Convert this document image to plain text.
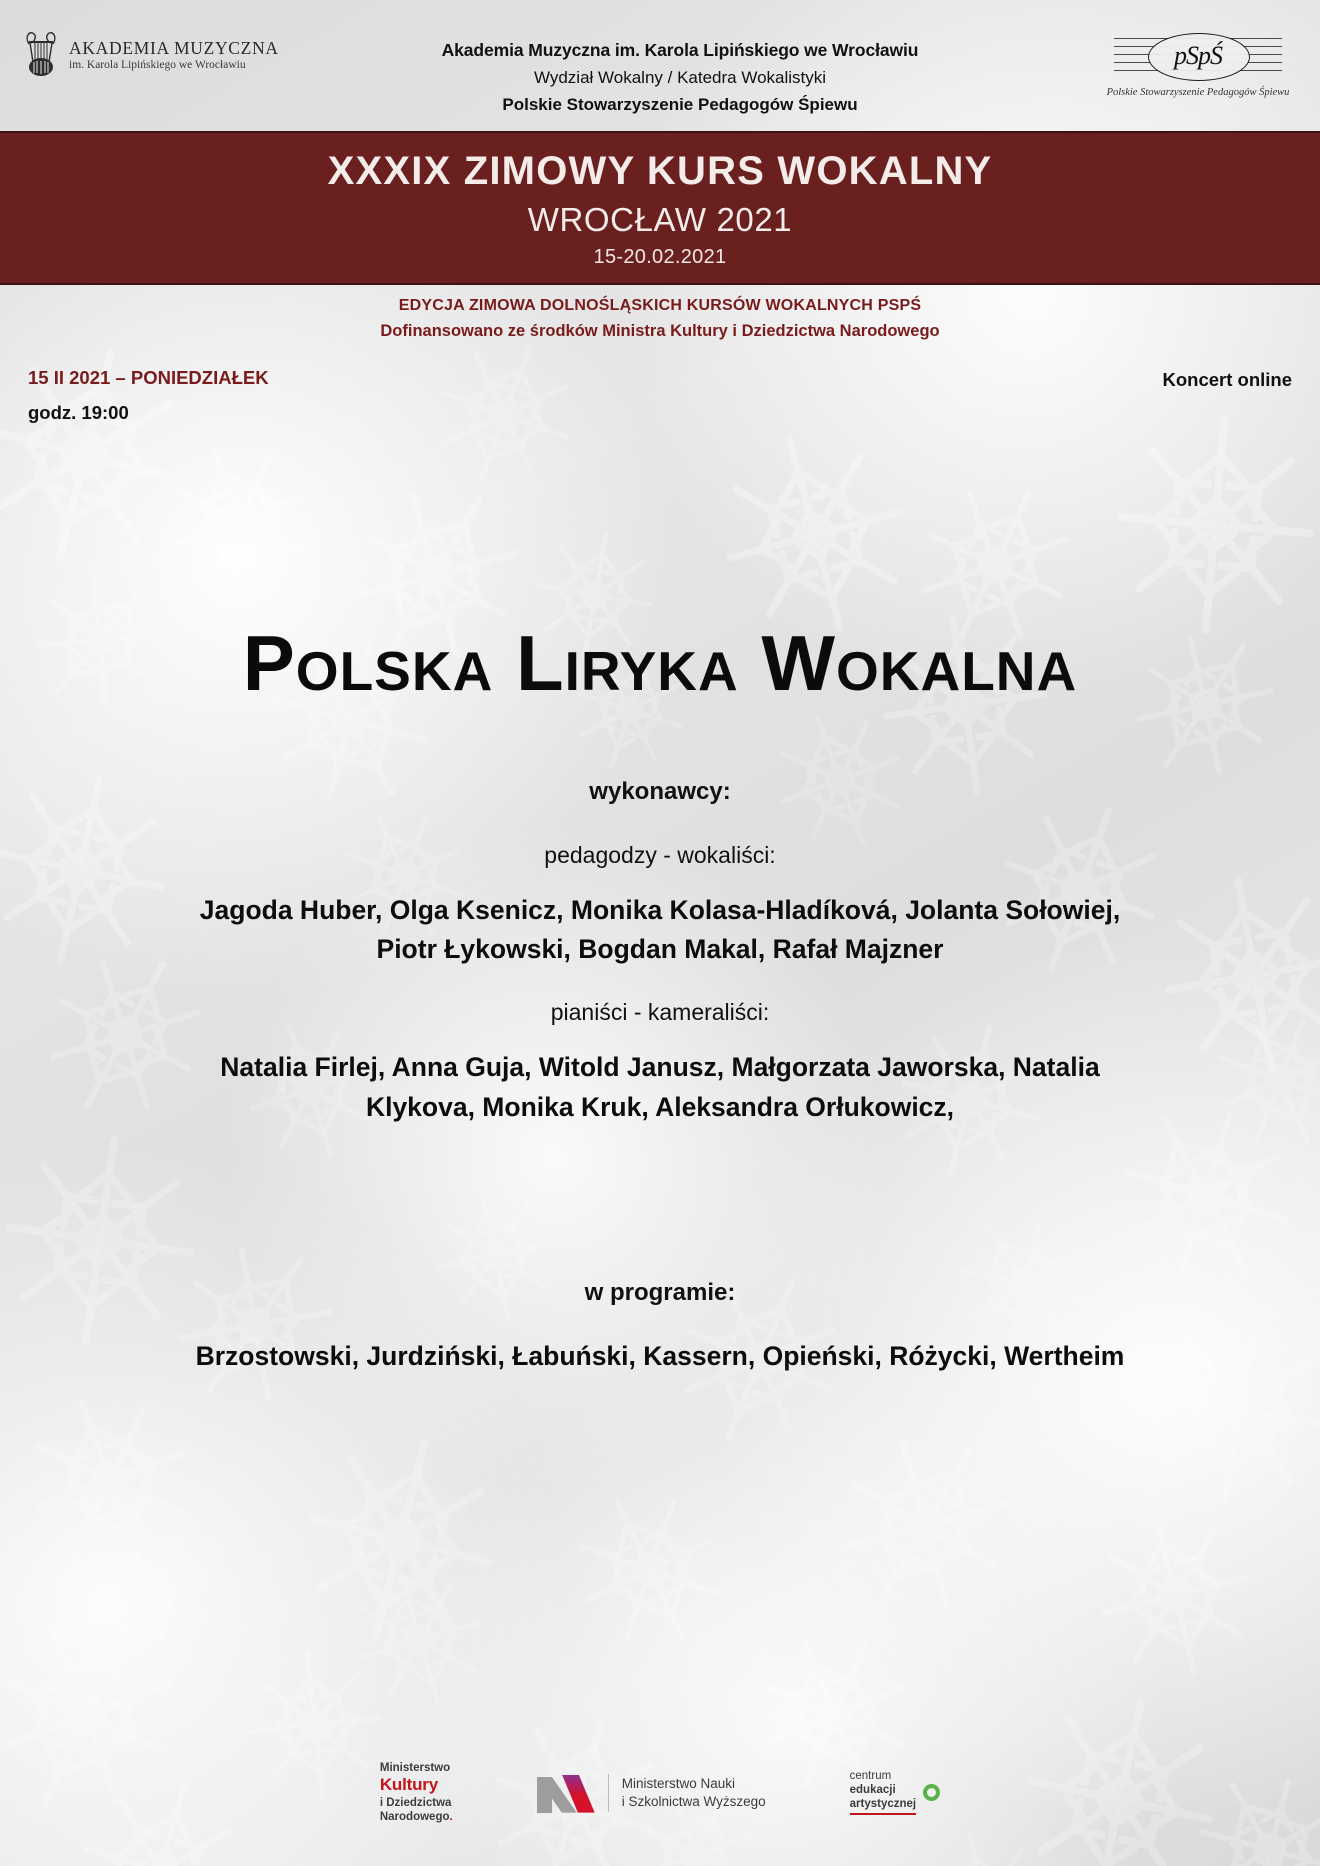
AKADEMIA MUZYCZNA
im. Karola Lipińskiego we Wrocławiu
Akademia Muzyczna im. Karola Lipińskiego we Wrocławiu
Wydział Wokalny / Katedra Wokalistyki
Polskie Stowarzyszenie Pedagogów Śpiewu
pSpŚ
Polskie Stowarzyszenie Pedagogów Śpiewu
XXXIX ZIMOWY KURS WOKALNY
WROCŁAW 2021
15-20.02.2021
EDYCJA ZIMOWA DOLNOŚLĄSKICH KURSÓW WOKALNYCH PSPŚ
Dofinansowano ze środków Ministra Kultury i Dziedzictwa Narodowego
15 II 2021 – PONIEDZIAŁEK
godz. 19:00
Koncert online
Polska Liryka Wokalna
wykonawcy:
pedagodzy - wokaliści:
Jagoda Huber, Olga Ksenicz, Monika Kolasa-Hladíková, Jolanta Sołowiej,
Piotr Łykowski, Bogdan Makal, Rafał Majzner
pianiści - kameraliści:
Natalia Firlej, Anna Guja, Witold Janusz, Małgorzata Jaworska, Natalia
Klykova, Monika Kruk, Aleksandra Orłukowicz,
w programie:
Brzostowski, Jurdziński, Łabuński, Kassern, Opieński, Różycki, Wertheim
Ministerstwo
Kultury
i Dziedzictwa
Narodowego.
Ministerstwo Nauki
i Szkolnictwa Wyższego
centrum
edukacji
artystycznej
